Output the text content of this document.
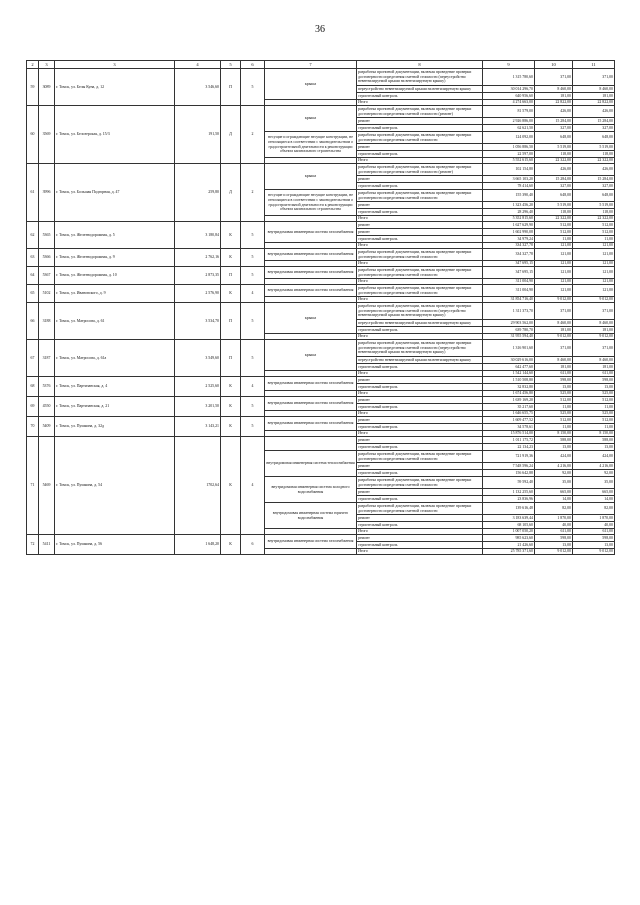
36
2	3	3	4	5	6	7	8	9	10	11
59	3089	г. Томск, ул. Белы Куна, д. 12	3 546,60	П	5	крыша	разработка проектной документации, включая проведение проверки достоверности определения сметной стоимости (переустройство невентилируемой крыши на вентилируемую крышу)	1 315 780,60	371,00	371,00
							переустройство невентилируемой крыши на вентилируемую крышу	30 014 296,70	8 460,00	8 460,00
							строительный контроль	640 956,60	181,00	181,00
							Итого	4 274 663,00	22 822,00	22 822,00
60	3569	г. Томск, ул. Белозерская, д. 15/3	191,50	Д	2	крыша	разработка проектной документации, включая проведение проверки достоверности определения сметной стоимости (ремонт)	81 579,00	426,00	426,00
							ремонт	2 926 886,00	15 284,00	15 284,00
							строительный контроль	62 621,50	327,00	327,00
						несущие и ограждающие несущие конструкции, не относящиеся в соответствии с законодательством о градостроительной деятельности к реконструкции объекта капитального строительства	разработка проектной документации, включая проведение проверки достоверности определения сметной стоимости	124 092,00	648,00	648,00
							ремонт	1 056 886,50	5 519,00	5 519,00
							строительный контроль	22 597,00	118,00	118,00
							Итого	5 552 615,60	22 322,00	22 322,00
61	3996	г. Томск, ул. Большая Подгорная, д. 47	259,80	Д	2	крыша	разработка проектной документации, включая проведение проверки достоверности определения сметной стоимости (ремонт)	102 154,80	426,00	426,00
							ремонт	3 665 103,20	15 284,00	15 284,00
							строительный контроль	78 414,60	327,00	327,00
						несущие и ограждающие несущие конструкции, не относящиеся в соответствии с законодательством о градостроительной деятельности к реконструкции объекта капитального строительства	разработка проектной документации, включая проведение проверки достоверности определения сметной стоимости	155 390,40	648,00	648,00
							ремонт	1 323 456,20	5 519,00	5 519,00
							строительный контроль	28 296,40	118,00	118,00
							Итого	5 352 815,60	22 322,00	22 322,00
62	5365	г. Томск, ул. Железнодорожная, д. 5	3 180,84	К	5	внутридомовая инженерная система газоснабжения	ремонт	1 627 629,90	512,00	512,00
							ремонт	1 602 990,08	512,00	512,00
							строительный контроль	34 979,24	11,00	11,00
							Итого	334 327,78	121,00	121,00
63	5366	г. Томск, ул. Железнодорожная, д. 9	2 762,16	К	5	внутридомовая инженерная система газоснабжения	разработка проектной документации, включая проведение проверки достоверности определения сметной стоимости	334 327,78	121,00	121,00
							Итого	347 695,15	121,00	121,00
64	5367	г. Томск, ул. Железнодорожная, д. 10	2 873,35	П	5	внутридомовая инженерная система газоснабжения	разработка проектной документации, включая проведение проверки достоверности определения сметной стоимости	347 695,15	121,00	121,00
							Итого	311 004,90	121,00	121,00
65	5102	г. Томск, ул. Ивановского, д. 9	2 576,90	К	4	внутридомовая инженерная система газоснабжения	разработка проектной документации, включая проведение проверки достоверности определения сметной стоимости	311 004,90	121,00	121,00
							Итого	31 854 716,40	9 012,00	9 012,00
66	3188	г. Томск, ул. Матросова, д. 61	3 534,70	П	5	крыша	разработка проектной документации, включая проведение проверки достоверности определения сметной стоимости (переустройство невентилируемой крыши на вентилируемую крышу)	1 311 373,70	371,00	371,00
							переустройство невентилируемой крыши на вентилируемую крышу	29 903 562,00	8 460,00	8 460,00
							строительный контроль	639 780,70	181,00	181,00
							Итого	31 955 594,40	9 012,00	9 012,00
67	3187	г. Томск, ул. Матросова, д. 61а	3 549,60	П	5	крыша	разработка проектной документации, включая проведение проверки достоверности определения сметной стоимости (переустройство невентилируемой крыши на вентилируемую крышу)	1 316 901,60	371,00	371,00
							переустройство невентилируемой крыши на вентилируемую крышу	30 029 616,00	8 460,00	8 460,00
							строительный контроль	642 477,60	181,00	181,00
							Итого	1 542 144,60	611,00	611,00
68	5376	г. Томск, ул. Партизанская, д. 4	2 525,60	К	4	внутридомовая инженерная система газоснабжения	ремонт	1 510 508,80	598,00	598,00
							строительный контроль	32 832,80	13,00	13,00
							Итого	1 674 456,80	525,00	525,00
69	4550	г. Томск, ул. Партизанская, д. 21	3 201,50	К	5	внутридомовая инженерная система газоснабжения	ремонт	1 639 169,20	512,00	512,00
							строительный контроль	35 217,60	11,00	11,00
							Итого	1 646 655,75	525,00	525,00
70	5409	г. Томск, ул. Пушкина, д. 32д	3 143,21	К	5	внутридомовая инженерная система газоснабжения	ремонт	1 609 477,52	512,00	512,00
							строительный контроль	34 578,61	11,00	11,00
							Итого	15 876 514,00	8 150,00	8 150,00
71	5469	г. Томск, ул. Пушкина, д. 54	1702,64	К	4		ремонт	1 011 175,72	588,00	588,00
							строительный контроль	22 134,23	13,00	13,00
						внутридомовая инженерная система теплоснабжения	разработка проектной документации, включая проведение проверки достоверности определения сметной стоимости	721 919,36	424,00	424,00
							ремонт	7 548 596,24	4 216,00	4 216,00
							строительный контроль	156 642,88	92,00	92,00
						внутридомовая инженерная система холодного водоснабжения	разработка проектной документации, включая проведение проверки достоверности определения сметной стоимости	59 592,40	35,00	35,00
							ремонт	1 132 255,60	665,00	665,00
							строительный контроль	23 836,96	14,00	14,00
						внутридомовая инженерная система горячего водоснабжения	разработка проектной документации, включая проведение проверки достоверности определения сметной стоимости	139 616,48	82,00	82,00
							ремонт	3 183 639,44	1 870,00	1 870,00
							строительный контроль	68 105,60	40,00	40,00
							Итого	1 007 050,20	611,00	611,00
72	5411	г. Томск, ул. Пушкина, д. 56	1 648,20	К	6	внутридомовая инженерная система газоснабжения	ремонт	985 623,60	598,00	598,00
							строительный контроль	21 426,60	13,00	13,00
							Итого	25 785 371,60	9 012,00	9 012,00
